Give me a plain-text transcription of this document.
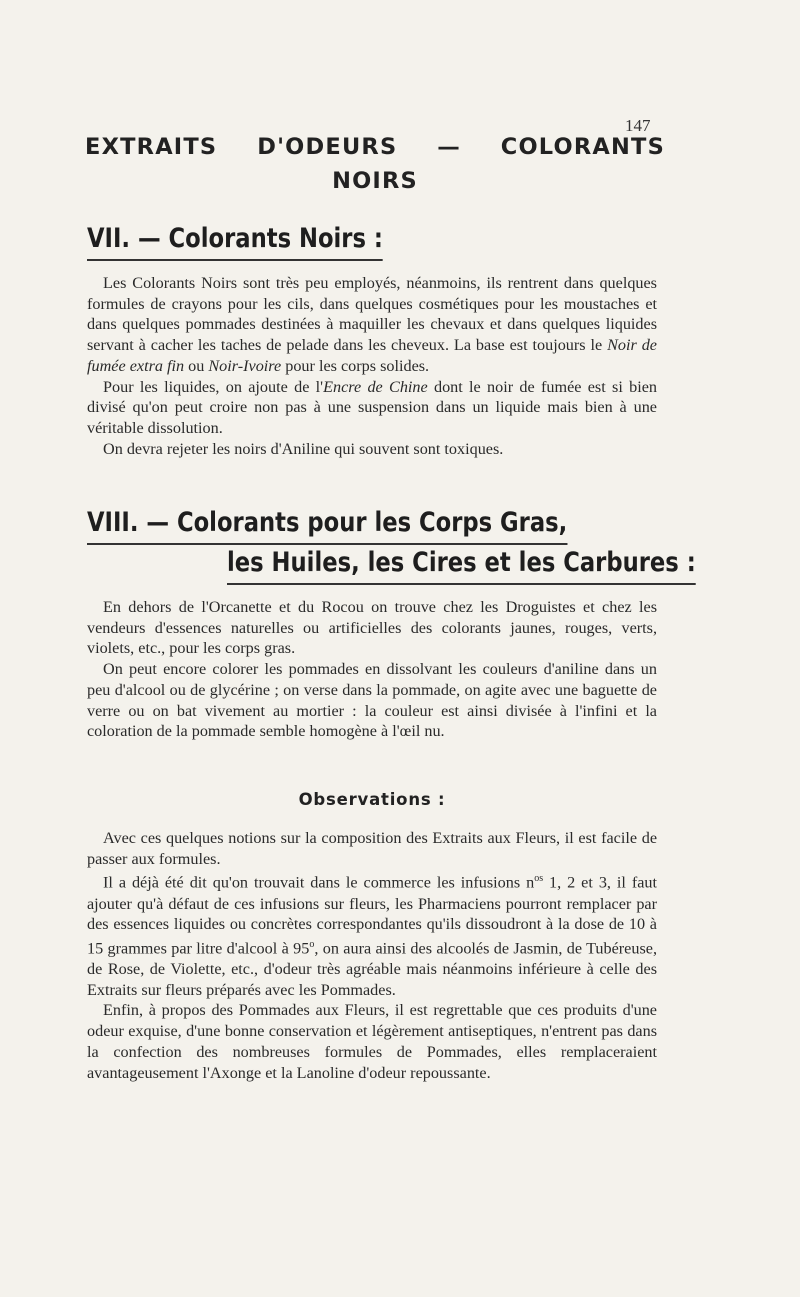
147
EXTRAITS D'ODEURS — COLORANTS
NOIRS
VII. — Colorants Noirs :

Les Colorants Noirs sont très peu employés, néanmoins, ils rentrent dans quelques formules de crayons pour les cils, dans quelques cosmétiques pour les moustaches et dans quelques pommades destinées à maquiller les chevaux et dans quelques liquides servant à cacher les taches de pelade dans les cheveux. La base est toujours le Noir de fumée extra fin ou Noir-Ivoire pour les corps solides.

Pour les liquides, on ajoute de l'Encre de Chine dont le noir de fumée est si bien divisé qu'on peut croire non pas à une suspension dans un liquide mais bien à une véritable dissolution.

On devra rejeter les noirs d'Aniline qui souvent sont toxiques.

VIII. — Colorants pour les Corps Gras,
les Huiles, les Cires et les Carbures :

En dehors de l'Orcanette et du Rocou on trouve chez les Droguistes et chez les vendeurs d'essences naturelles ou artificielles des colorants jaunes, rouges, verts, violets, etc., pour les corps gras.

On peut encore colorer les pommades en dissolvant les couleurs d'aniline dans un peu d'alcool ou de glycérine ; on verse dans la pommade, on agite avec une baguette de verre ou on bat vivement au mortier : la couleur est ainsi divisée à l'infini et la coloration de la pommade semble homogène à l'œil nu.

Observations :

Avec ces quelques notions sur la composition des Extraits aux Fleurs, il est facile de passer aux formules.

Il a déjà été dit qu'on trouvait dans le commerce les infusions $n^{os}$ 1, 2 et 3, il faut ajouter qu'à défaut de ces infusions sur fleurs, les Pharmaciens pourront remplacer par des essences liquides ou concrètes correspondantes qu'ils dissoudront à la dose de 10 à 15 grammes par litre d'alcool à 95$^o$, on aura ainsi des alcoolés de Jasmin, de Tubéreuse, de Rose, de Violette, etc., d'odeur très agréable mais néanmoins inférieure à celle des Extraits sur fleurs préparés avec les Pommades.

Enfin, à propos des Pommades aux Fleurs, il est regrettable que ces produits d'une odeur exquise, d'une bonne conservation et légèrement antiseptiques, n'entrent pas dans la confection des nombreuses formules de Pommades, elles remplaceraient avantageusement l'Axonge et la Lanoline d'odeur repoussante.
